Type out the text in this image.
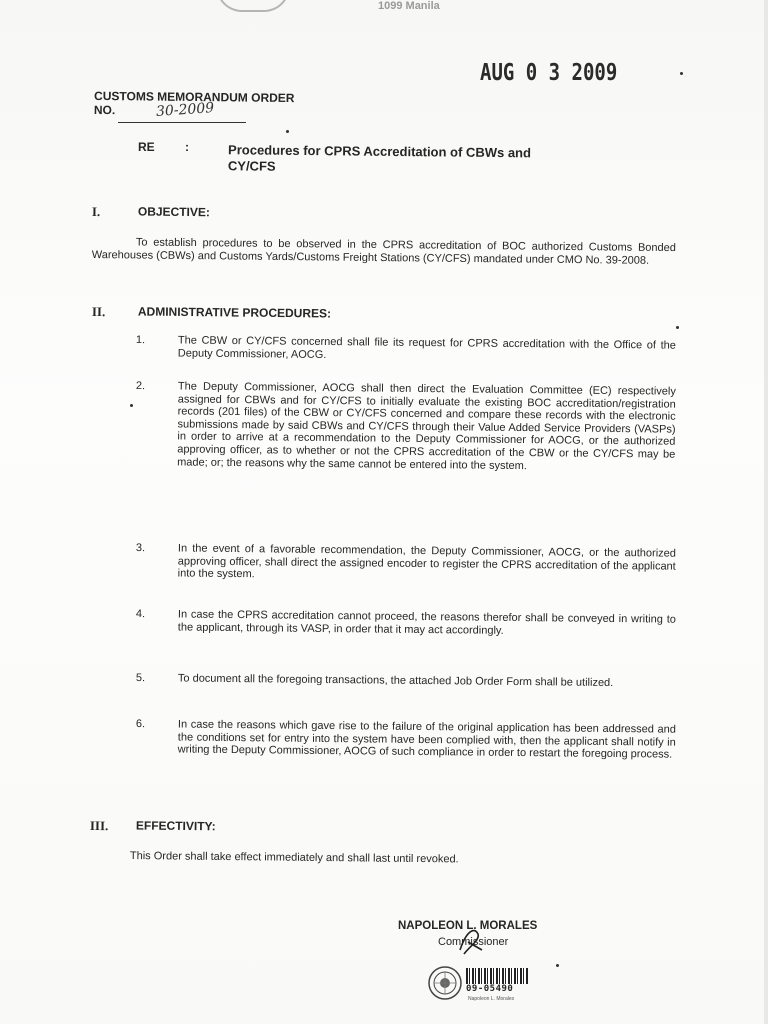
1099 Manila
AUG 0 3 2009
CUSTOMS MEMORANDUM ORDER
NO.	30-2009
RE	:	Procedures for CPRS Accreditation of CBWs and
CY/CFS
I.	OBJECTIVE:
To establish procedures to be observed in the CPRS accreditation of BOC authorized Customs Bonded Warehouses (CBWs) and Customs Yards/Customs Freight Stations (CY/CFS) mandated under CMO No. 39-2008.
II.	ADMINISTRATIVE PROCEDURES:
1.	The CBW or CY/CFS concerned shall file its request for CPRS accreditation with the Office of the Deputy Commissioner, AOCG.
2.	The Deputy Commissioner, AOCG shall then direct the Evaluation Committee (EC) respectively assigned for CBWs and for CY/CFS to initially evaluate the existing BOC accreditation/registration records (201 files) of the CBW or CY/CFS concerned and compare these records with the electronic submissions made by said CBWs and CY/CFS through their Value Added Service Providers (VASPs) in order to arrive at a recommendation to the Deputy Commissioner for AOCG, or the authorized approving officer, as to whether or not the CPRS accreditation of the CBW or the CY/CFS may be made; or; the reasons why the same cannot be entered into the system.
3.	In the event of a favorable recommendation, the Deputy Commissioner, AOCG, or the authorized approving officer, shall direct the assigned encoder to register the CPRS accreditation of the applicant into the system.
4.	In case the CPRS accreditation cannot proceed, the reasons therefor shall be conveyed in writing to the applicant, through its VASP, in order that it may act accordingly.
5.	To document all the foregoing transactions, the attached Job Order Form shall be utilized.
6.	In case the reasons which gave rise to the failure of the original application has been addressed and the conditions set for entry into the system have been complied with, then the applicant shall notify in writing the Deputy Commissioner, AOCG of such compliance in order to restart the foregoing process.
III. EFFECTIVITY:
This Order shall take effect immediately and shall last until revoked.
NAPOLEON L. MORALES
Commissioner
09-05490
Napoleon L. Morales
